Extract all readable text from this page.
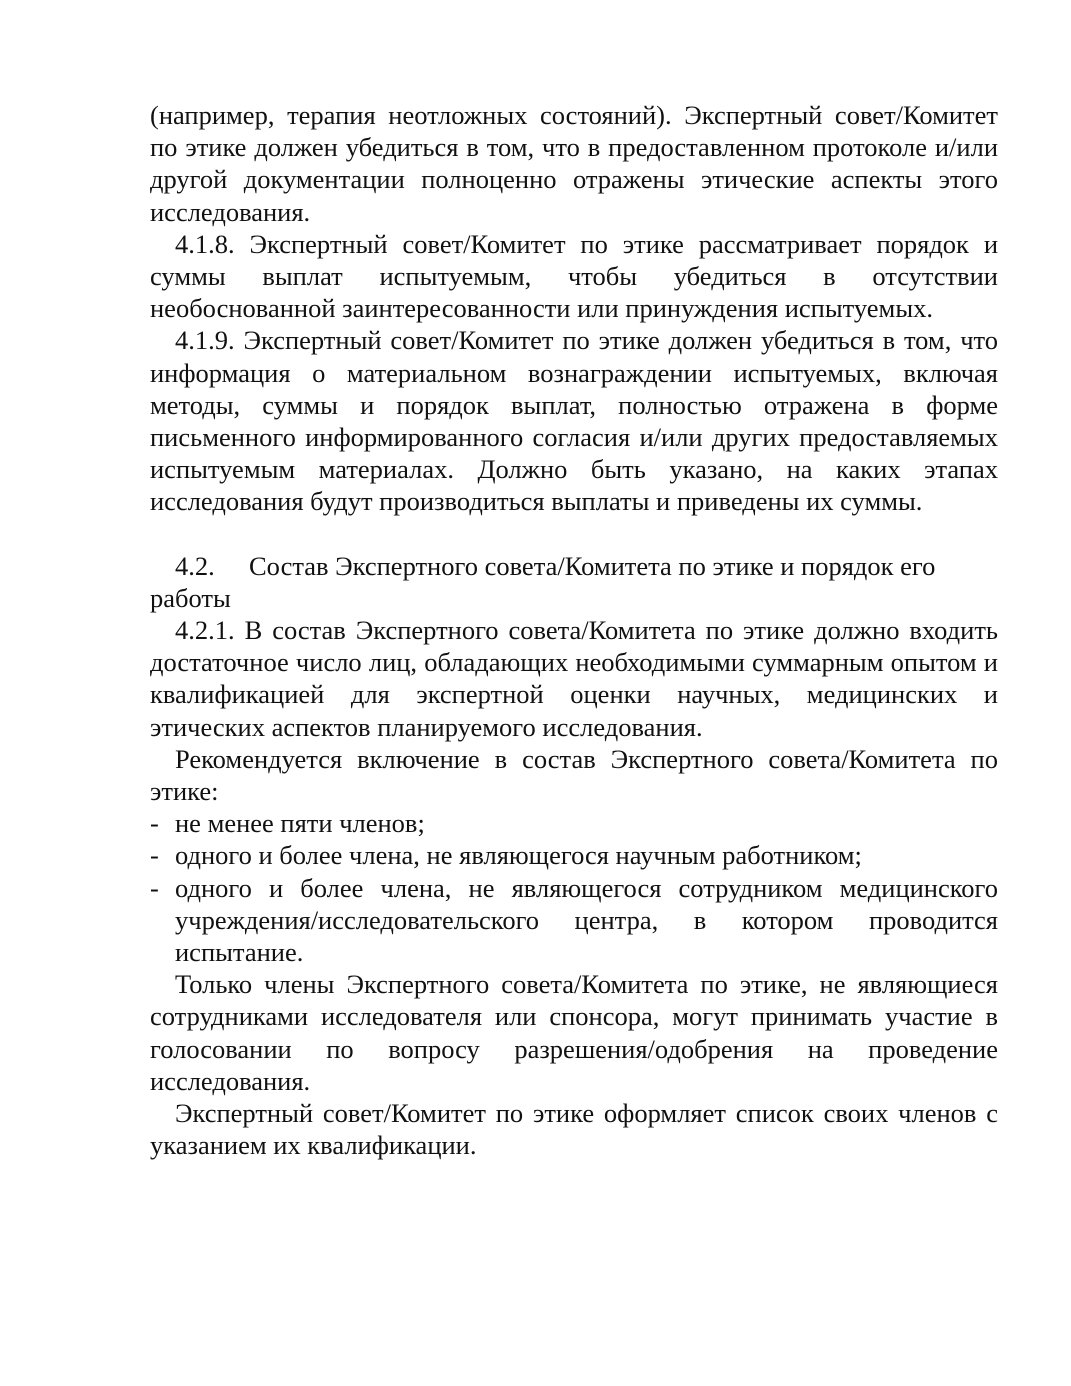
(например, терапия неотложных состояний). Экспертный совет/Комитет по этике должен убедиться в том, что в предоставленном протоколе и/или другой документации полноценно отражены этические аспекты этого исследования.

4.1.8. Экспертный совет/Комитет по этике рассматривает порядок и суммы выплат испытуемым, чтобы убедиться в отсутствии необоснованной заинтересованности или принуждения испытуемых.

4.1.9. Экспертный совет/Комитет по этике должен убедиться в том, что информация о материальном вознаграждении испытуемых, включая методы, суммы и порядок выплат, полностью отражена в форме письменного информированного согласия и/или других предоставляемых испытуемым материалах. Должно быть указано, на каких этапах исследования будут производиться выплаты и приведены их суммы.

4.2. Состав Экспертного совета/Комитета по этике и порядок его работы

4.2.1. В состав Экспертного совета/Комитета по этике должно входить достаточное число лиц, обладающих необходимыми суммарным опытом и квалификацией для экспертной оценки научных, медицинских и этических аспектов планируемого исследования.

Рекомендуется включение в состав Экспертного совета/Комитета по этике:

- не менее пяти членов;
- одного и более члена, не являющегося научным работником;
- одного и более члена, не являющегося сотрудником медицинского учреждения/исследовательского центра, в котором проводится испытание.

Только члены Экспертного совета/Комитета по этике, не являющиеся сотрудниками исследователя или спонсора, могут принимать участие в голосовании по вопросу разрешения/одобрения на проведение исследования.

Экспертный совет/Комитет по этике оформляет список своих членов с указанием их квалификации.
